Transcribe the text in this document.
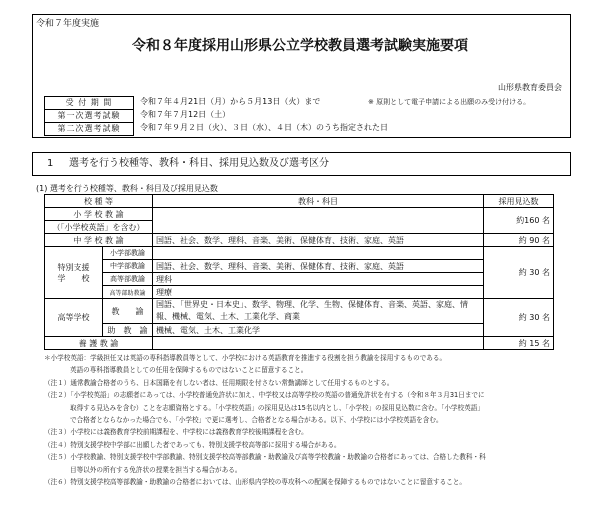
令和７年度実施
令和８年度採用山形県公立学校教員選考試験実施要項
山形県教育委員会
受 付 期 間	令和７年４月21日（月）から５月13日（火）まで	※ 原則として電子申請による出願のみ受け付ける。
第一次選考試験	令和７年７月12日（土）
第二次選考試験	令和７年９月２日（火）、３日（水）、４日（木）のうち指定された日
1 選考を行う校種等、教科・科目、採用見込数及び選考区分
(1) 選考を行う校種等、教科・科目及び採用見込数
校 種 等		教科・科目	採用見込数
小 学 校 教 諭			約160 名
（「小学校英語」を含む）			
中 学 校 教 諭		国語、社会、数学、理科、音楽、美術、保健体育、技術、家庭、英語	約 90 名

特別支援
学　　校	小学部教諭		約 30 名
	中学部教諭	国語、社会、数学、理科、音楽、美術、保健体育、技術、家庭、英語	
	高等部教諭	理科	
	高等部助教諭	理療	
高等学校	教　　諭	国語、「世界史・日本史」、数学、物理、化学、生物、保健体育、音楽、英語、家庭、情報、機械、電気、土木、工業化学、商業	約 30 名
	助　教　諭	機械、電気、土木、工業化学	
養 護 教 諭			約 15 名
＊小学校英語：学級担任又は英語の専科指導教員等として、小学校における英語教育を推進する役割を担う教諭を採用するものである。
英語の専科指導教員としての任用を保障するものではないことに留意すること。
（注１）通常教諭合格者のうち、日本国籍を有しない者は、任用期限を付さない常勤講師として任用するものとする。
（注２）「小学校英語」の志願者にあっては、小学校普通免許状に加え、中学校又は高等学校の英語の普通免許状を有する（令和８年３月31日までに
取得する見込みを含む）ことを志願資格とする。「小学校英語」の採用見込は15名以内とし、「小学校」の採用見込数に含む。「小学校英語」
で合格者とならなかった場合でも、「小学校」で更に選考し、合格者となる場合がある。以下、小学校には小学校英語を含む。
（注３）小学校には義務教育学校前期課程を、中学校には義務教育学校後期課程を含む。
（注４）特別支援学校中学部に出願した者であっても、特別支援学校高等部に採用する場合がある。
（注５）小学校教諭、特別支援学校中学部教諭、特別支援学校高等部教諭・助教諭及び高等学校教諭・助教諭の合格者にあっては、合格した教科・科
目等以外の所有する免許状の授業を担当する場合がある。
（注６）特別支援学校高等部教諭・助教諭の合格者においては、山形県内学校の専攻科への配属を保障するものではないことに留意すること。
